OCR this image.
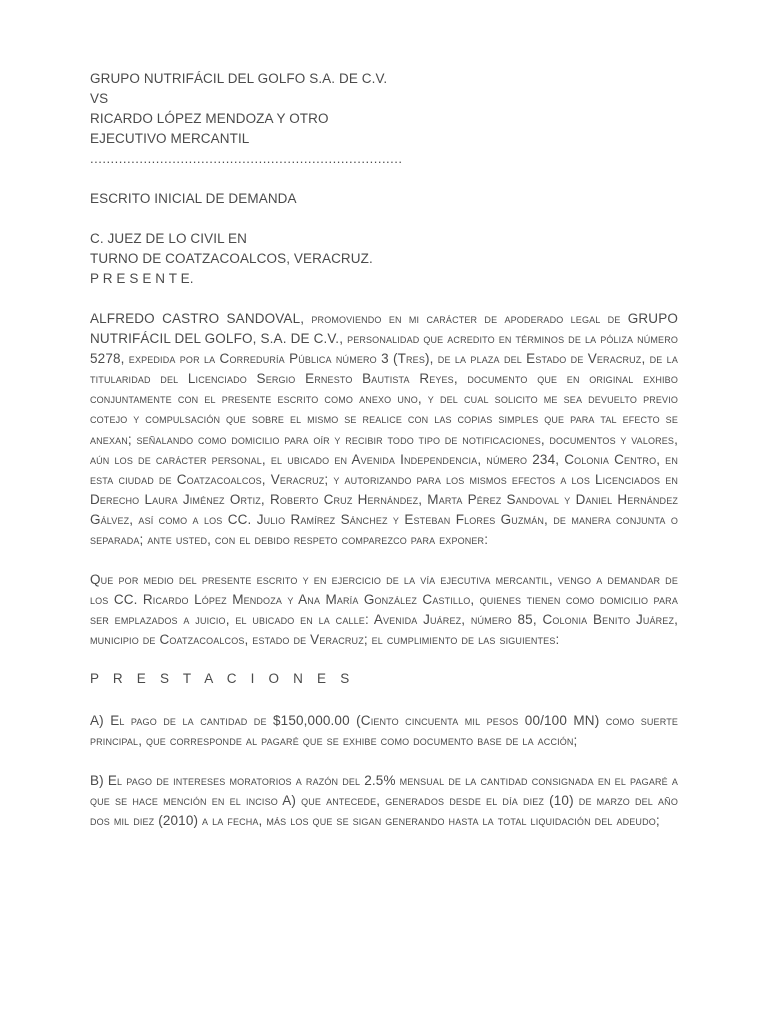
GRUPO NUTRIFÁCIL DEL GOLFO S.A. DE C.V.
VS
RICARDO LÓPEZ MENDOZA Y OTRO
EJECUTIVO MERCANTIL
............................................................................
ESCRITO INICIAL DE DEMANDA
C. JUEZ DE LO CIVIL EN
TURNO DE COATZACOALCOS, VERACRUZ.
P R E S E N T E.

ALFREDO CASTRO SANDOVAL, promoviendo en mi carácter de apoderado legal de GRUPO NUTRIFÁCIL DEL GOLFO, S.A. DE C.V., personalidad que acredito en términos de la póliza número 5278, expedida por la Correduría Pública número 3 (Tres), de la plaza del Estado de Veracruz, de la titularidad del Licenciado Sergio Ernesto Bautista Reyes, documento que en original exhibo conjuntamente con el presente escrito como anexo uno, y del cual solicito me sea devuelto previo cotejo y compulsación que sobre el mismo se realice con las copias simples que para tal efecto se anexan; señalando como domicilio para oír y recibir todo tipo de notificaciones, documentos y valores, aún los de carácter personal, el ubicado en Avenida Independencia, número 234, Colonia Centro, en esta ciudad de Coatzacoalcos, Veracruz; y autorizando para los mismos efectos a los Licenciados en Derecho Laura Jiménez Ortiz, Roberto Cruz Hernández, Marta Pérez Sandoval y Daniel Hernández Gálvez, así como a los CC. Julio Ramírez Sánchez y Esteban Flores Guzmán, de manera conjunta o separada; ante usted, con el debido respeto comparezco para exponer:

Que por medio del presente escrito y en ejercicio de la vía ejecutiva mercantil, vengo a demandar de los CC. Ricardo López Mendoza y Ana María González Castillo, quienes tienen como domicilio para ser emplazados a juicio, el ubicado en la calle: Avenida Juárez, número 85, Colonia Benito Juárez, municipio de Coatzacoalcos, estado de Veracruz; el cumplimiento de las siguientes:

P R E S T A C I O N E S

A) El pago de la cantidad de $150,000.00 (Ciento cincuenta mil pesos 00/100 MN) como suerte principal, que corresponde al pagaré que se exhibe como documento base de la acción;

B) El pago de intereses moratorios a razón del 2.5% mensual de la cantidad consignada en el pagaré a que se hace mención en el inciso A) que antecede, generados desde el día diez (10) de marzo del año dos mil diez (2010) a la fecha, más los que se sigan generando hasta la total liquidación del adeudo;
